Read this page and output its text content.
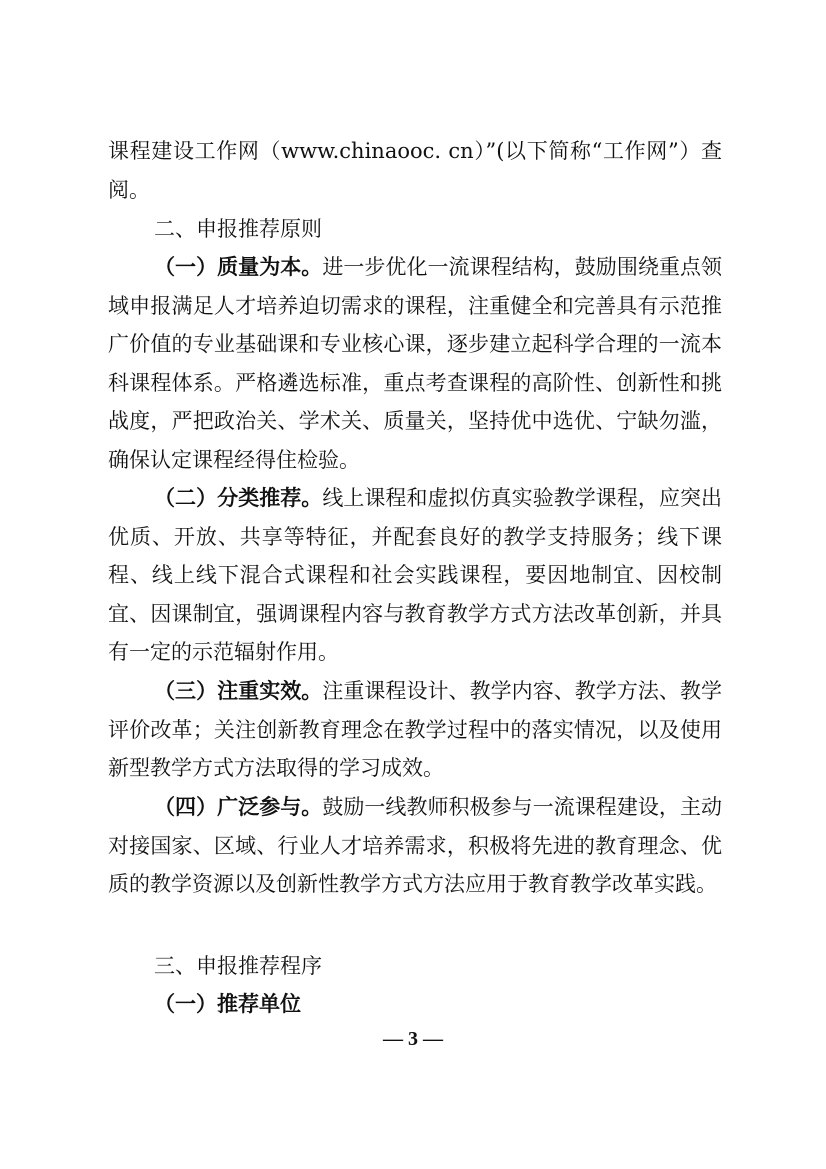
课程建设工作网（www.chinaooc. cn）”(以下简称“工作网”）查阅。

二、申报推荐原则

（一）质量为本。进一步优化一流课程结构，鼓励围绕重点领域申报满足人才培养迫切需求的课程，注重健全和完善具有示范推广价值的专业基础课和专业核心课，逐步建立起科学合理的一流本科课程体系。严格遴选标准，重点考查课程的高阶性、创新性和挑战度，严把政治关、学术关、质量关，坚持优中选优、宁缺勿滥，确保认定课程经得住检验。

（二）分类推荐。线上课程和虚拟仿真实验教学课程，应突出优质、开放、共享等特征，并配套良好的教学支持服务；线下课程、线上线下混合式课程和社会实践课程，要因地制宜、因校制宜、因课制宜，强调课程内容与教育教学方式方法改革创新，并具有一定的示范辐射作用。

（三）注重实效。注重课程设计、教学内容、教学方法、教学评价改革；关注创新教育理念在教学过程中的落实情况，以及使用新型教学方式方法取得的学习成效。

（四）广泛参与。鼓励一线教师积极参与一流课程建设，主动对接国家、区域、行业人才培养需求，积极将先进的教育理念、优质的教学资源以及创新性教学方式方法应用于教育教学改革实践。

三、申报推荐程序

（一）推荐单位

— 3 —
